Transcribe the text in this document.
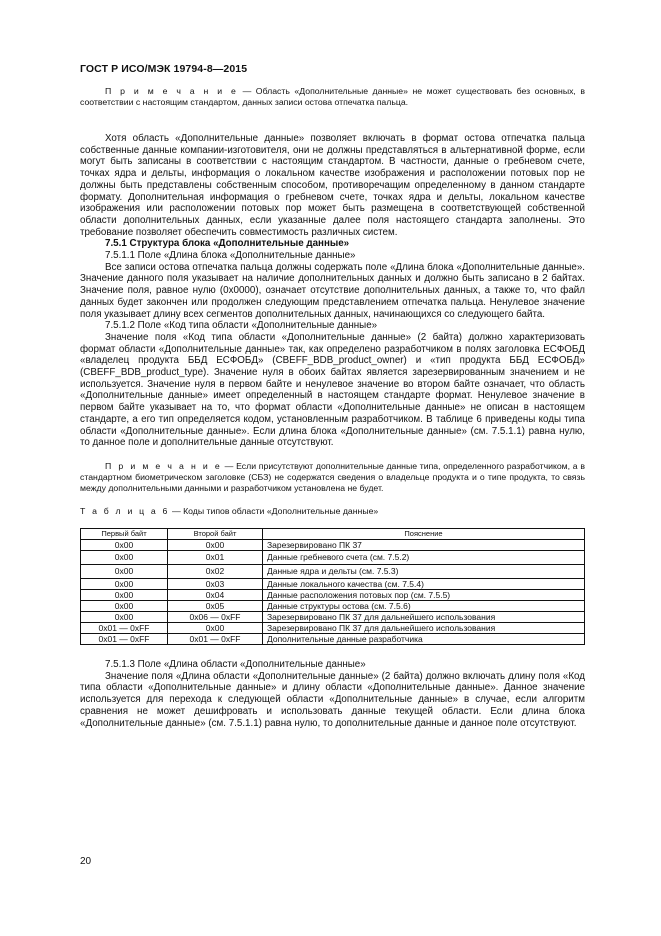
ГОСТ Р ИСО/МЭК 19794-8—2015

П р и м е ч а н и е — Область «Дополнительные данные» не может существовать без основных, в соответствии с настоящим стандартом, данных записи остова отпечатка пальца.

Хотя область «Дополнительные данные» позволяет включать в формат остова отпечатка пальца собственные данные компании-изготовителя, они не должны представляться в альтернативной форме, если могут быть записаны в соответствии с настоящим стандартом. В частности, данные о гребневом счете, точках ядра и дельты, информация о локальном качестве изображения и расположении потовых пор не должны быть представлены собственным способом, противоречащим определенному в данном стандарте формату. Дополнительная информация о гребневом счете, точках ядра и дельты, локальном качестве изображения или расположении потовых пор может быть размещена в соответствующей собственной области дополнительных данных, если указанные далее поля настоящего стандарта заполнены. Это требование позволяет обеспечить совместимость различных систем.

7.5.1 Структура блока «Дополнительные данные»
7.5.1.1 Поле «Длина блока «Дополнительные данные»

Все записи остова отпечатка пальца должны содержать поле «Длина блока «Дополнительные данные». Значение данного поля указывает на наличие дополнительных данных и должно быть записано в 2 байтах. Значение поля, равное нулю (0x0000), означает отсутствие дополнительных данных, а также то, что файл данных будет закончен или продолжен следующим представлением отпечатка пальца. Ненулевое значение поля указывает длину всех сегментов дополнительных данных, начинающихся со следующего байта.

7.5.1.2 Поле «Код типа области «Дополнительные данные»

Значение поля «Код типа области «Дополнительные данные» (2 байта) должно характеризовать формат области «Дополнительные данные» так, как определено разработчиком в полях заголовка ЕСФОБД «владелец продукта ББД ЕСФОБД» (CBEFF_BDB_product_owner) и «тип продукта ББД ЕСФОБД» (CBEFF_BDB_product_type). Значение нуля в обоих байтах является зарезервированным значением и не используется. Значение нуля в первом байте и ненулевое значение во втором байте означает, что область «Дополнительные данные» имеет определенный в настоящем стандарте формат. Ненулевое значение в первом байте указывает на то, что формат области «Дополнительные данные» не описан в настоящем стандарте, а его тип определяется кодом, установленным разработчиком. В таблице 6 приведены коды типа области «Дополнительные данные». Если длина блока «Дополнительные данные» (см. 7.5.1.1) равна нулю, то данное поле и дополнительные данные отсутствуют.

П р и м е ч а н и е — Если присутствуют дополнительные данные типа, определенного разработчиком, а в стандартном биометрическом заголовке (СБЗ) не содержатся сведения о владельце продукта и о типе продукта, то связь между дополнительными данными и разработчиком установлена не будет.

Т а б л и ц а 6 — Коды типов области «Дополнительные данные»
Первый байт	Второй байт	Пояснение
0x00	0x00	Зарезервировано ПК 37
0x00	0x01	Данные гребневого счета (см. 7.5.2)
0x00	0x02	Данные ядра и дельты (см. 7.5.3)
0x00	0x03	Данные локального качества (см. 7.5.4)
0x00	0x04	Данные расположения потовых пор (см. 7.5.5)
0x00	0x05	Данные структуры остова (см. 7.5.6)
0x00	0x06 — 0xFF	Зарезервировано ПК 37 для дальнейшего использования
0x01 — 0xFF	0x00	Зарезервировано ПК 37 для дальнейшего использования
0x01 — 0xFF	0x01 — 0xFF	Дополнительные данные разработчика
7.5.1.3 Поле «Длина области «Дополнительные данные»

Значение поля «Длина области «Дополнительные данные» (2 байта) должно включать длину поля «Код типа области «Дополнительные данные» и длину области «Дополнительные данные». Данное значение используется для перехода к следующей области «Дополнительные данные» в случае, если алгоритм сравнения не может дешифровать и использовать данные текущей области. Если длина блока «Дополнительные данные» (см. 7.5.1.1) равна нулю, то дополнительные данные и данное поле отсутствуют.

20
